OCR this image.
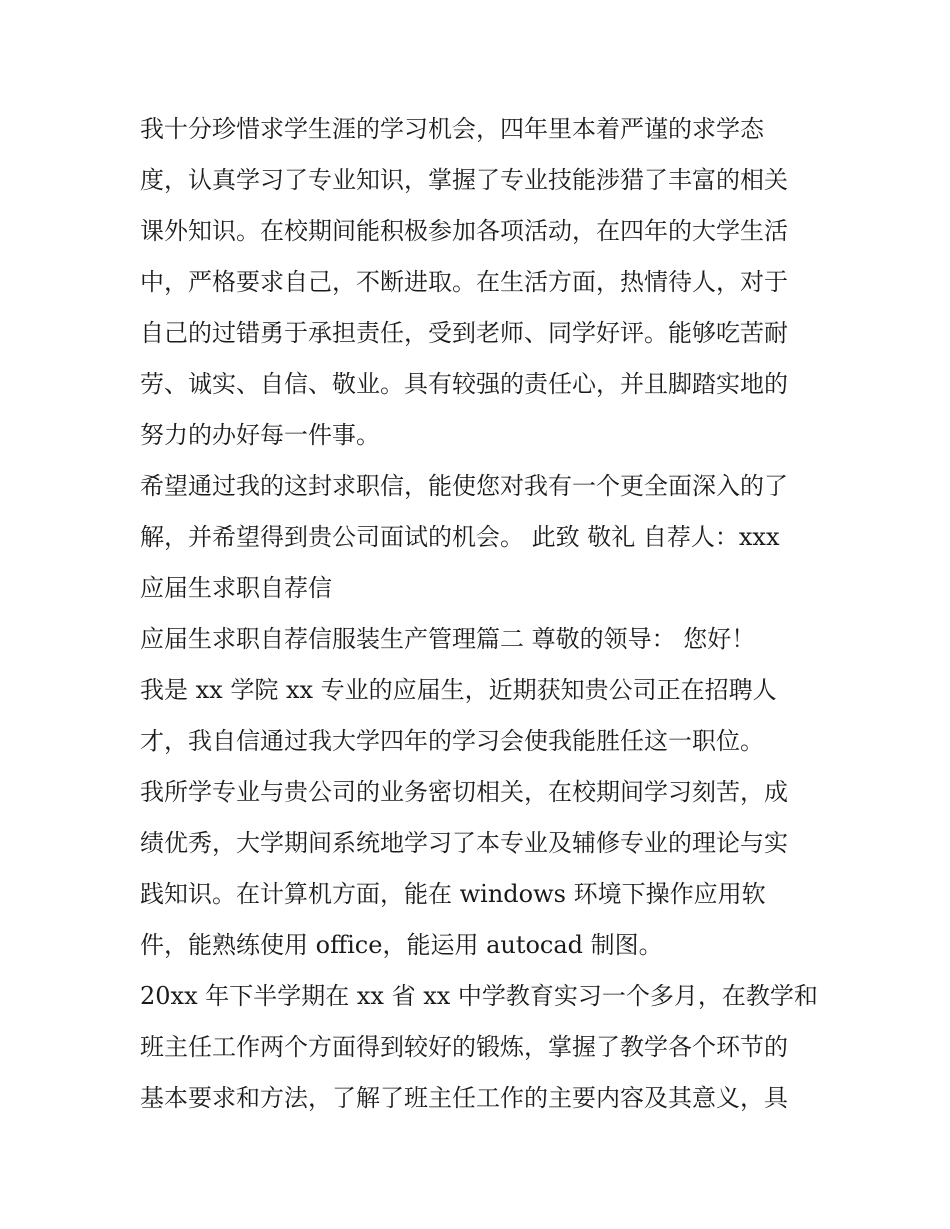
我十分珍惜求学生涯的学习机会，四年里本着严谨的求学态
度，认真学习了专业知识，掌握了专业技能涉猎了丰富的相关
课外知识。在校期间能积极参加各项活动，在四年的大学生活
中，严格要求自己，不断进取。在生活方面，热情待人，对于
自己的过错勇于承担责任，受到老师、同学好评。能够吃苦耐
劳、诚实、自信、敬业。具有较强的责任心，并且脚踏实地的
努力的办好每一件事。
希望通过我的这封求职信，能使您对我有一个更全面深入的了
解，并希望得到贵公司面试的机会。 此致 敬礼 自荐人：xxx
应届生求职自荐信
应届生求职自荐信服装生产管理篇二 尊敬的领导： 您好！
我是 xx 学院 xx 专业的应届生，近期获知贵公司正在招聘人
才，我自信通过我大学四年的学习会使我能胜任这一职位。
我所学专业与贵公司的业务密切相关，在校期间学习刻苦，成
绩优秀，大学期间系统地学习了本专业及辅修专业的理论与实
践知识。在计算机方面，能在 windows 环境下操作应用软
件，能熟练使用 office，能运用 autocad 制图。
20xx 年下半学期在 xx 省 xx 中学教育实习一个多月，在教学和
班主任工作两个方面得到较好的锻炼，掌握了教学各个环节的
基本要求和方法，了解了班主任工作的主要内容及其意义，具
